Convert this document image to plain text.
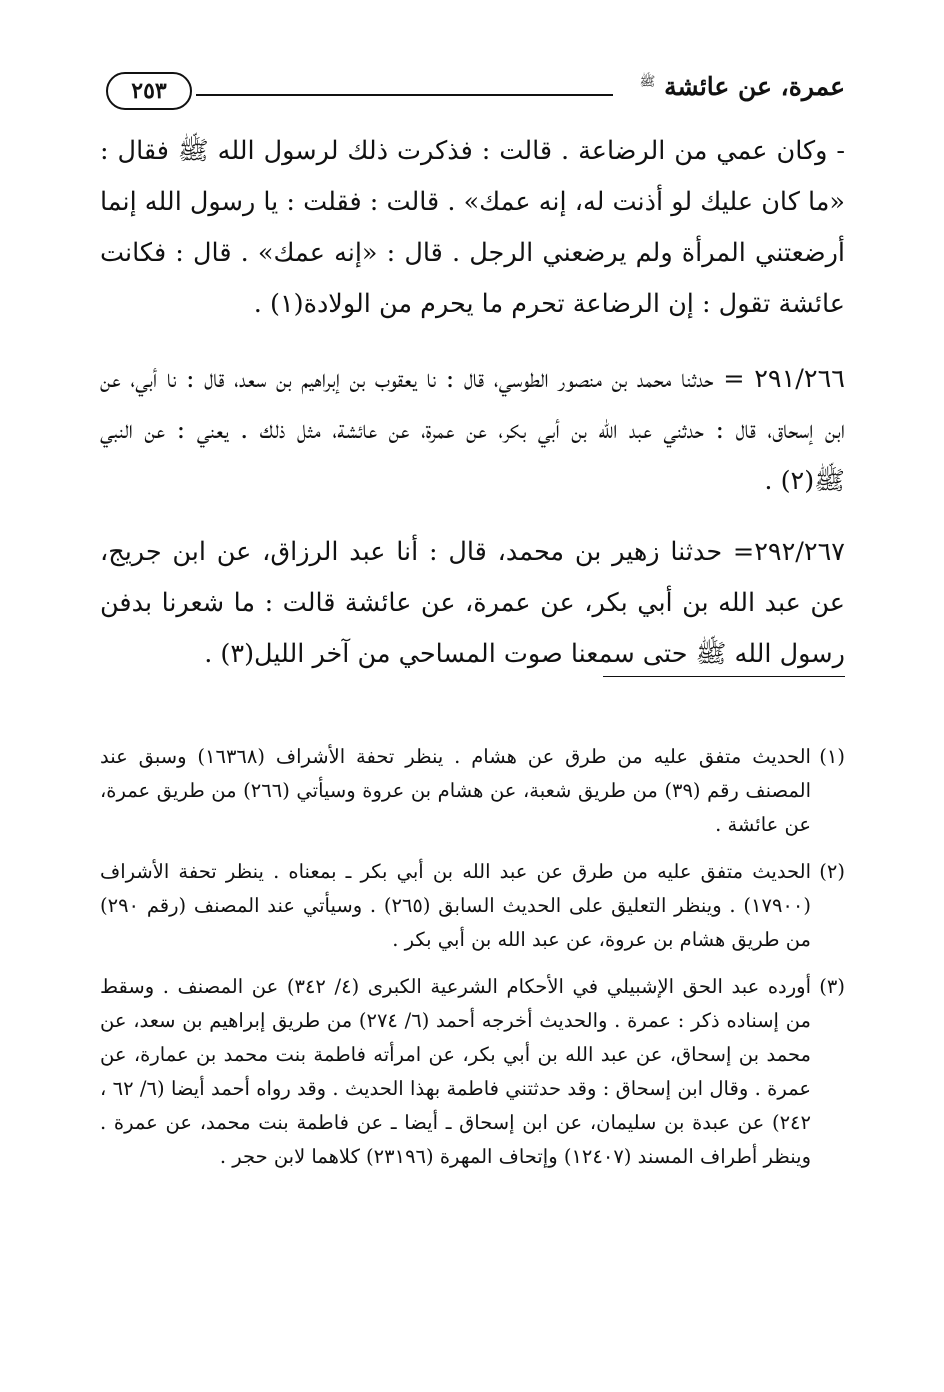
عمرة، عن عائشة $^ﷺ$
٢٥٣

- وكان عمي من الرضاعة . قالت : فذكرت ذلك لرسول الله ﷺ فقال : «ما كان عليك لو أذنت له، إنه عمك» . قالت : فقلت : يا رسول الله إنما أرضعتني المرأة ولم يرضعني الرجل . قال : «إنه عمك» . قال : فكانت عائشة تقول : إن الرضاعة تحرم ما يحرم من الولادة(١) .

٢٩١/٢٦٦ = حدثنا محمد بن منصور الطوسي، قال : نا يعقوب بن إبراهيم بن سعد، قال : نا أبي، عن ابن إسحاق، قال : حدثني عبد الله بن أبي بكر، عن عمرة، عن عائشة، مثل ذلك . يعني : عن النبي ﷺ(٢) .

٢٩٢/٢٦٧= حدثنا زهير بن محمد، قال : أنا عبد الرزاق، عن ابن جريج، عن عبد الله بن أبي بكر، عن عمرة، عن عائشة قالت : ما شعرنا بدفن رسول الله ﷺ حتى سمعنا صوت المساحي من آخر الليل(٣) .

(١)
الحديث متفق عليه من طرق عن هشام . ينظر تحفة الأشراف (١٦٣٦٨) وسبق عند المصنف رقم (٣٩) من طريق شعبة، عن هشام بن عروة وسيأتي (٢٦٦) من طريق عمرة، عن عائشة .
(٢)
الحديث متفق عليه من طرق عن عبد الله بن أبي بكر ـ بمعناه . ينظر تحفة الأشراف (١٧٩٠٠) . وينظر التعليق على الحديث السابق (٢٦٥) . وسيأتي عند المصنف (رقم ٢٩٠) من طريق هشام بن عروة، عن عبد الله بن أبي بكر .
(٣)
أورده عبد الحق الإشبيلي في الأحكام الشرعية الكبرى (٤/ ٣٤٢) عن المصنف . وسقط من إسناده ذكر : عمرة . والحديث أخرجه أحمد (٦/ ٢٧٤) من طريق إبراهيم بن سعد، عن محمد بن إسحاق، عن عبد الله بن أبي بكر، عن امرأته فاطمة بنت محمد بن عمارة، عن عمرة . وقال ابن إسحاق : وقد حدثتني فاطمة بهذا الحديث . وقد رواه أحمد أيضا (٦/ ٦٢ ، ٢٤٢) عن عبدة بن سليمان، عن ابن إسحاق ـ أيضا ـ عن فاطمة بنت محمد، عن عمرة . وينظر أطراف المسند (١٢٤٠٧) وإتحاف المهرة (٢٣١٩٦) كلاهما لابن حجر .
